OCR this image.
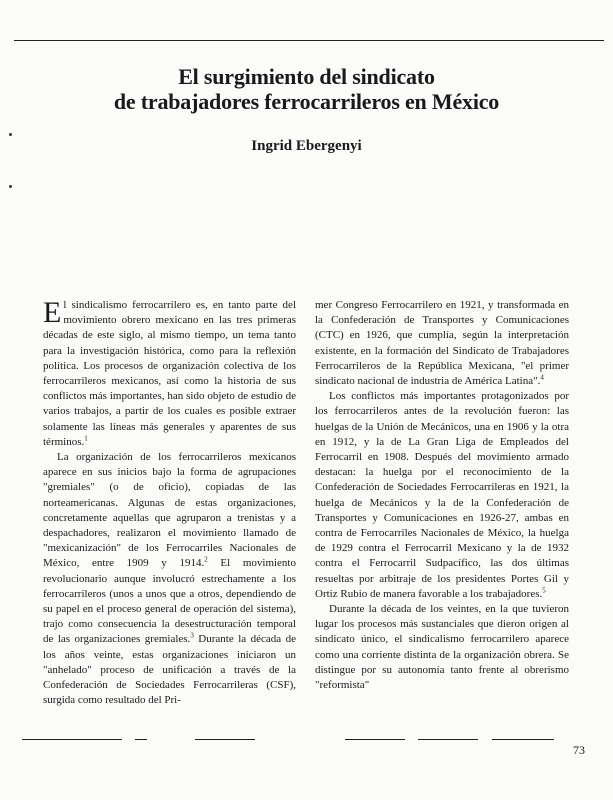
El surgimiento del sindicato
de trabajadores ferrocarrileros en México
Ingrid Ebergenyi

El sindicalismo ferrocarrilero es, en tanto parte del movimiento obrero mexicano en las tres primeras décadas de este siglo, al mismo tiempo, un tema tanto para la investigación histórica, como para la reflexión política. Los procesos de organización colectiva de los ferrocarrileros mexicanos, así como la historia de sus conflictos más importantes, han sido objeto de estudio de varios trabajos, a partir de los cuales es posible extraer solamente las líneas más generales y aparentes de sus términos.$^1$

La organización de los ferrocarrileros mexicanos aparece en sus inicios bajo la forma de agrupaciones "gremiales" (o de oficio), copiadas de las norteamericanas. Algunas de estas organizaciones, concretamente aquellas que agruparon a trenistas y a despachadores, realizaron el movimiento llamado de "mexicanización" de los Ferrocarriles Nacionales de México, entre 1909 y 1914.$^2$ El movimiento revolucionario aunque involucró estrechamente a los ferrocarrileros (unos a unos que a otros, dependiendo de su papel en el proceso general de operación del sistema), trajo como consecuencia la desestructuración temporal de las organizaciones gremiales.$^3$ Durante la década de los años veinte, estas organizaciones iniciaron un "anhelado" proceso de unificación a través de la Confederación de Sociedades Ferrocarrileras (CSF), surgida como resultado del Pri-

mer Congreso Ferrocarrilero en 1921, y transformada en la Confederación de Transportes y Comunicaciones (CTC) en 1926, que cumplía, según la interpretación existente, en la formación del Sindicato de Trabajadores Ferrocarrileros de la República Mexicana, "el primer sindicato nacional de industria de América Latina".$^4$

Los conflictos más importantes protagonizados por los ferrocarrileros antes de la revolución fueron: las huelgas de la Unión de Mecánicos, una en 1906 y la otra en 1912, y la de La Gran Liga de Empleados del Ferrocarril en 1908. Después del movimiento armado destacan: la huelga por el reconocimiento de la Confederación de Sociedades Ferrocarrileras en 1921, la huelga de Mecánicos y la de la Confederación de Transportes y Comunicaciones en 1926-27, ambas en contra de Ferrocarriles Nacionales de México, la huelga de 1929 contra el Ferrocarril Mexicano y la de 1932 contra el Ferrocarril Sudpacífico, las dos últimas resueltas por arbitraje de los presidentes Portes Gil y Ortiz Rubio de manera favorable a los trabajadores.$^5$

Durante la década de los veintes, en la que tuvieron lugar los procesos más sustanciales que dieron origen al sindicato único, el sindicalismo ferrocarrilero aparece como una corriente distinta de la organización obrera. Se distingue por su autonomía tanto frente al obrerismo "reformista"

73
